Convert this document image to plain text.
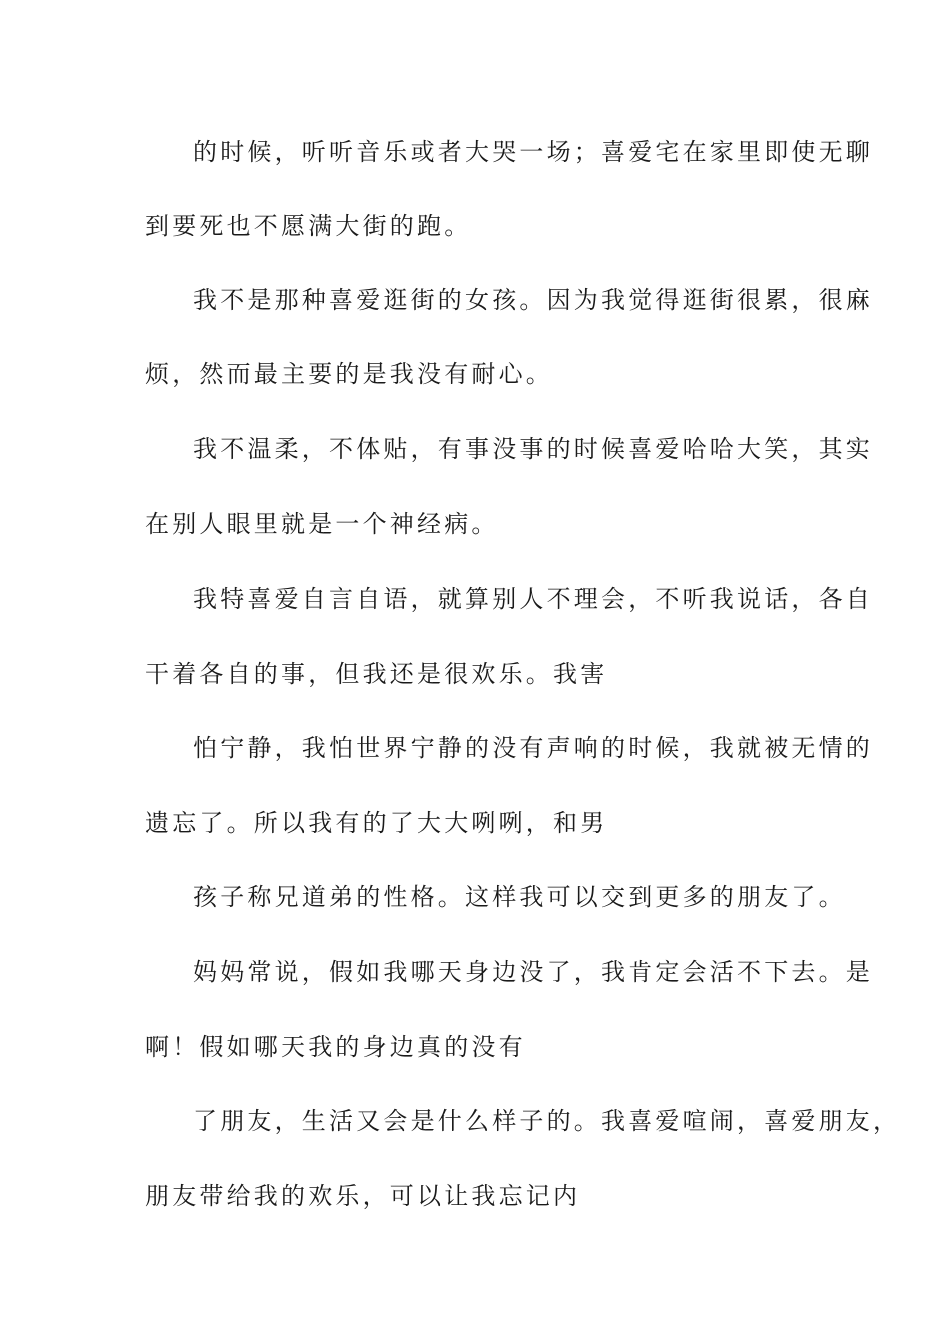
的时候，听听音乐或者大哭一场；喜爱宅在家里即使无聊
到要死也不愿满大街的跑。
我不是那种喜爱逛街的女孩。因为我觉得逛街很累，很麻
烦，然而最主要的是我没有耐心。
我不温柔，不体贴，有事没事的时候喜爱哈哈大笑，其实
在别人眼里就是一个神经病。
我特喜爱自言自语，就算别人不理会，不听我说话，各自
干着各自的事，但我还是很欢乐。我害
怕宁静，我怕世界宁静的没有声响的时候，我就被无情的
遗忘了。所以我有的了大大咧咧，和男
孩子称兄道弟的性格。这样我可以交到更多的朋友了。
妈妈常说，假如我哪天身边没了，我肯定会活不下去。是
啊！假如哪天我的身边真的没有
了朋友，生活又会是什么样子的。我喜爱喧闹，喜爱朋友，
朋友带给我的欢乐，可以让我忘记内
